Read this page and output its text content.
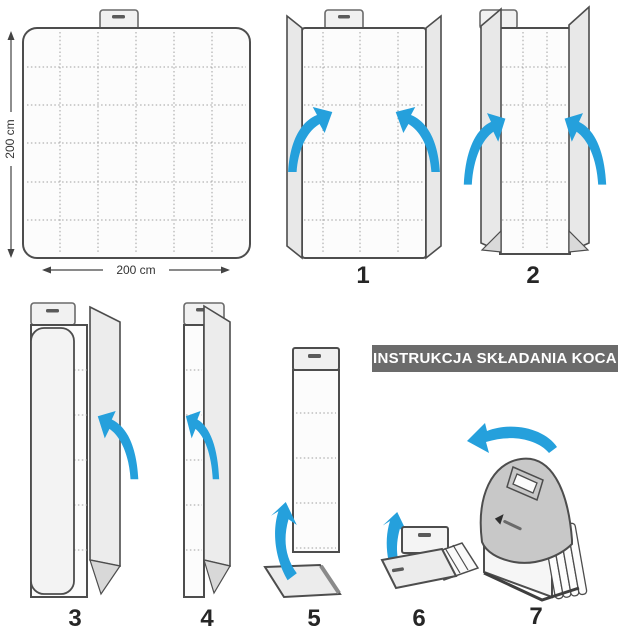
INSTRUKCJA SKŁADANIA KOCA
200 cm
200 cm	1	2
3	4	5	6	7
